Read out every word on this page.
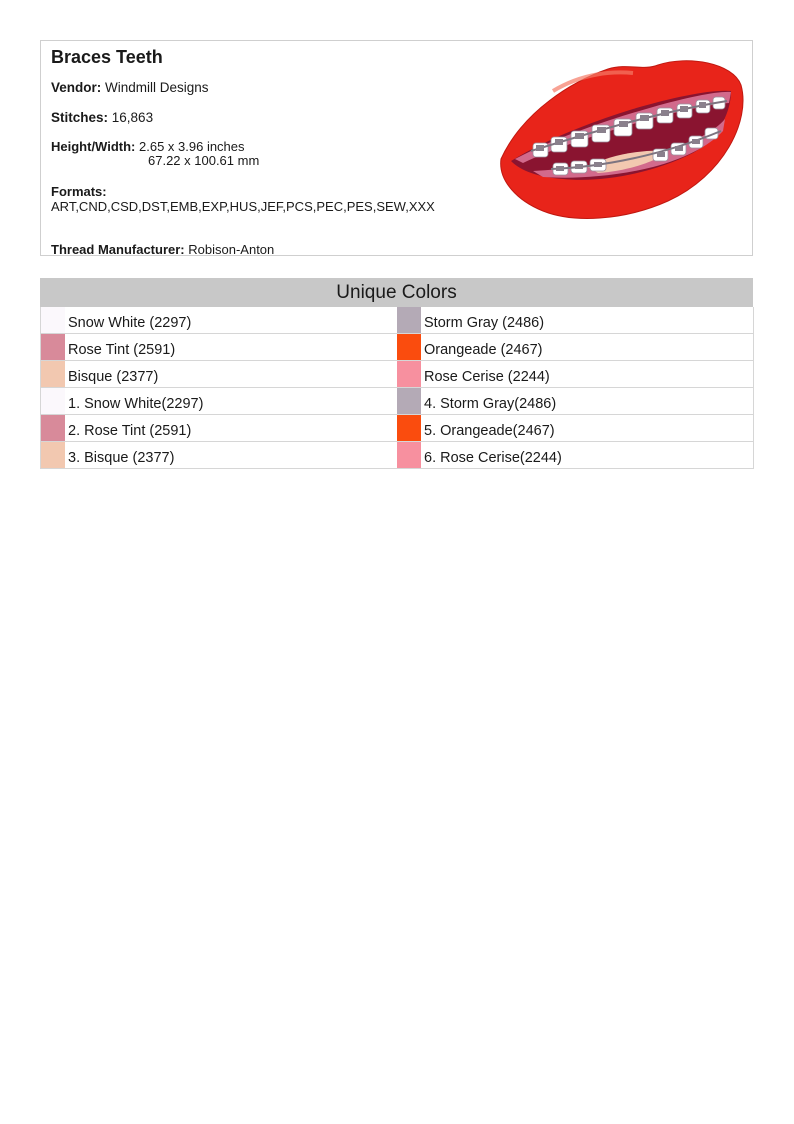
Braces Teeth
Vendor: Windmill Designs
Stitches: 16,863
Height/Width: 2.65 x 3.96 inches
67.22 x 100.61 mm
Formats:
ART,CND,CSD,DST,EMB,EXP,HUS,JEF,PCS,PEC,PES,SEW,XXX
Thread Manufacturer: Robison-Anton
Unique Colors
Snow White (2297)	Storm Gray (2486)
Rose Tint (2591)	Orangeade (2467)
Bisque (2377)	Rose Cerise (2244)
1. Snow White(2297)	4. Storm Gray(2486)
2. Rose Tint (2591)	5. Orangeade(2467)
3. Bisque (2377)	6. Rose Cerise(2244)
